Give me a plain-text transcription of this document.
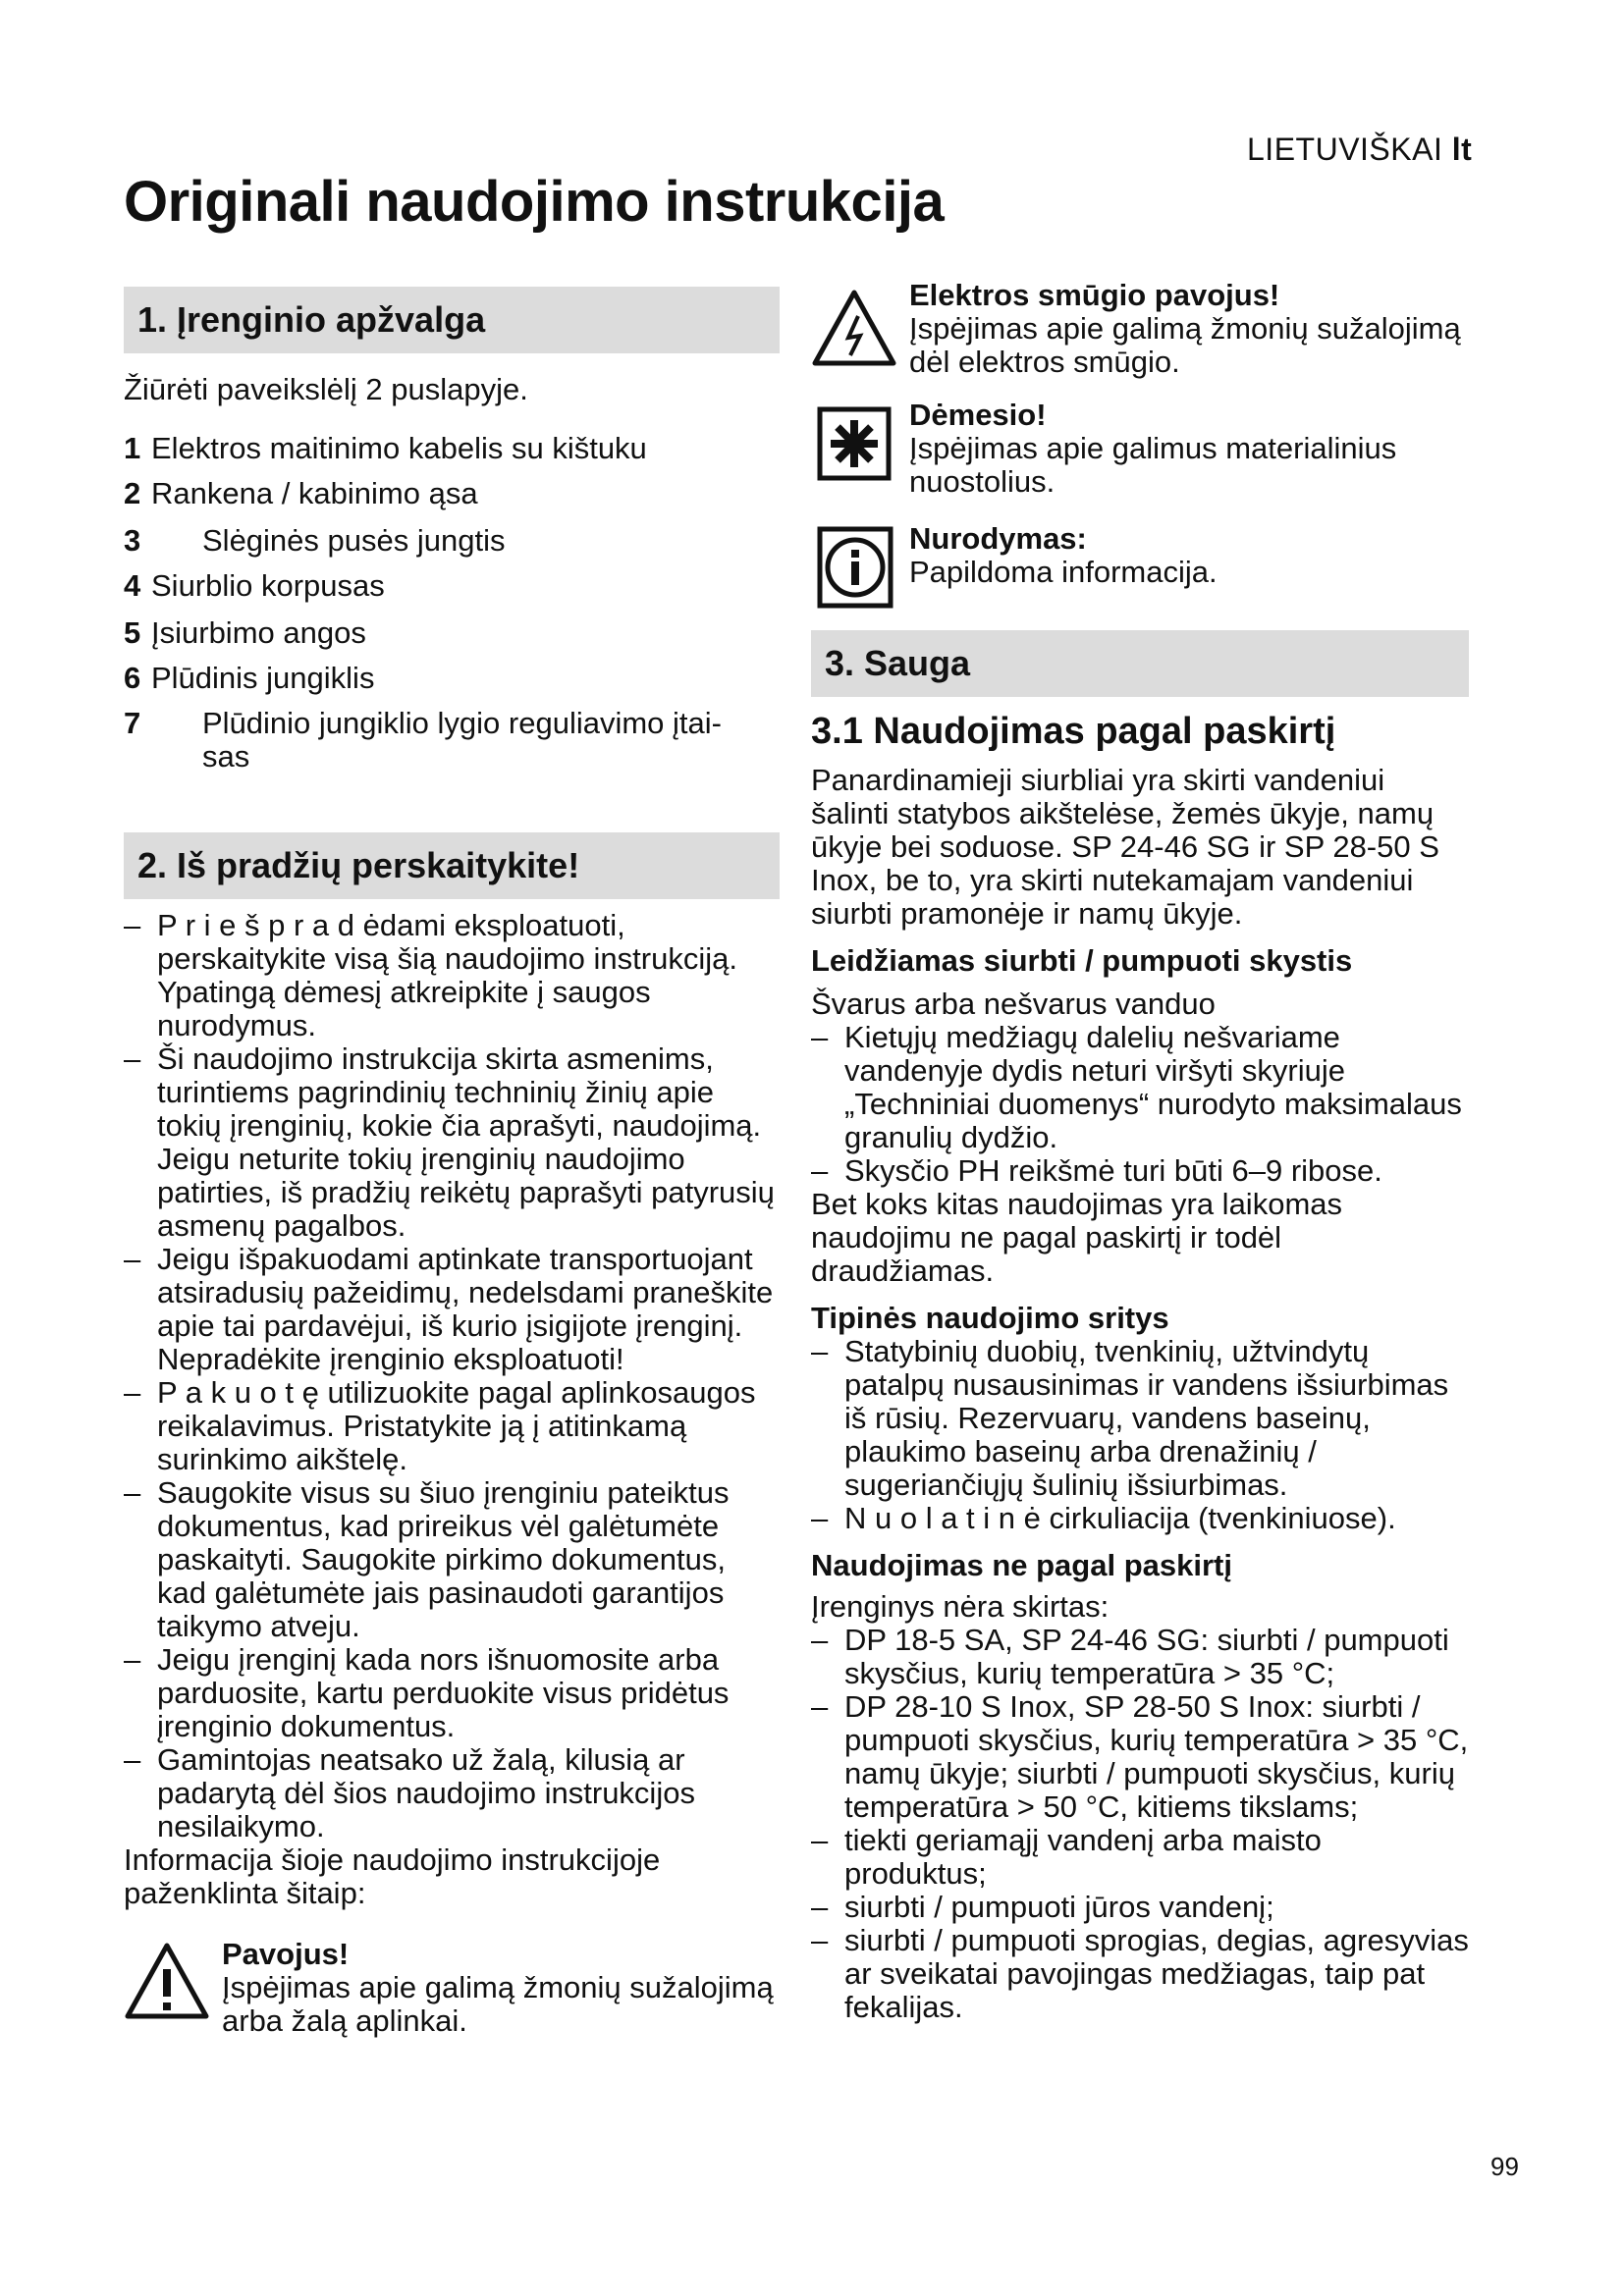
LIETUVIŠKAI lt
Originali naudojimo instrukcija
1. Įrenginio apžvalga

Žiūrėti paveikslėlį 2 puslapyje.

1 Elektros maitinimo kabelis su kištuku
2 Rankena / kabinimo ąsa
3 Slėginės pusės jungtis
4 Siurblio korpusas
5 Įsiurbimo angos
6 Plūdinis jungiklis
7 Plūdinio jungiklio lygio reguliavimo įtai-sas
2. Iš pradžių perskaitykite!
– P r i e š p r a d ėdami eksploatuoti, perskaitykite visą šią naudojimo instrukciją. Ypatingą dėmesį atkreipkite į saugos nurodymus.
– Ši naudojimo instrukcija skirta asmenims, turintiems pagrindinių techninių žinių apie tokių įrenginių, kokie čia aprašyti, naudojimą. Jeigu neturite tokių įrenginių naudojimo patirties, iš pradžių reikėtų paprašyti patyrusių asmenų pagalbos.
– Jeigu išpakuodami aptinkate transportuojant atsiradusių pažeidimų, nedelsdami praneškite apie tai pardavėjui, iš kurio įsigijote įrenginį. Nepradėkite įrenginio eksploatuoti!
– P a k u o t ę utilizuokite pagal aplinkosaugos reikalavimus. Pristatykite ją į atitinkamą surinkimo aikštelę.
– Saugokite visus su šiuo įrenginiu pateiktus dokumentus, kad prireikus vėl galėtumėte paskaityti. Saugokite pirkimo dokumentus, kad galėtumėte jais pasinaudoti garantijos taikymo atveju.
– Jeigu įrenginį kada nors išnuomosite arba parduosite, kartu perduokite visus pridėtus įrenginio dokumentus.
– Gamintojas neatsako už žalą, kilusią ar padarytą dėl šios naudojimo instrukcijos nesilaikymo.

Informacija šioje naudojimo instrukcijoje paženklinta šitaip:

Pavojus!
Įspėjimas apie galimą žmonių sužalojimą arba žalą aplinkai.
Elektros smūgio pavojus!
Įspėjimas apie galimą žmonių sužalojimą dėl elektros smūgio.
Dėmesio!
Įspėjimas apie galimus materialinius nuostolius.
Nurodymas:
Papildoma informacija.
3. Sauga
3.1 Naudojimas pagal paskirtį

Panardinamieji siurbliai yra skirti vandeniui šalinti statybos aikštelėse, žemės ūkyje, namų ūkyje bei soduose. SP 24-46 SG ir SP 28-50 S Inox, be to, yra skirti nutekamajam vandeniui siurbti pramonėje ir namų ūkyje.

Leidžiamas siurbti / pumpuoti skystis

Švarus arba nešvarus vanduo

– Kietųjų medžiagų dalelių nešvariame vandenyje dydis neturi viršyti skyriuje „Techniniai duomenys“ nurodyto maksimalaus granulių dydžio.
– Skysčio PH reikšmė turi būti 6–9 ribose.

Bet koks kitas naudojimas yra laikomas naudojimu ne pagal paskirtį ir todėl draudžiamas.

Tipinės naudojimo sritys
– Statybinių duobių, tvenkinių, užtvindytų patalpų nusausinimas ir vandens išsiurbimas iš rūsių. Rezervuarų, vandens baseinų, plaukimo baseinų arba drenažinių / sugeriančiųjų šulinių išsiurbimas.
– N u o l a t i n ė cirkuliacija (tvenkiniuose).
Naudojimas ne pagal paskirtį

Įrenginys nėra skirtas:

– DP 18-5 SA, SP 24-46 SG: siurbti / pumpuoti skysčius, kurių temperatūra > 35 °C;
– DP 28-10 S Inox, SP 28-50 S Inox: siurbti / pumpuoti skysčius, kurių temperatūra > 35 °C, namų ūkyje; siurbti / pumpuoti skysčius, kurių temperatūra > 50 °C, kitiems tikslams;
– tiekti geriamąjį vandenį arba maisto produktus;
– siurbti / pumpuoti jūros vandenį;
– siurbti / pumpuoti sprogias, degias, agresyvias ar sveikatai pavojingas medžiagas, taip pat fekalijas.
99
